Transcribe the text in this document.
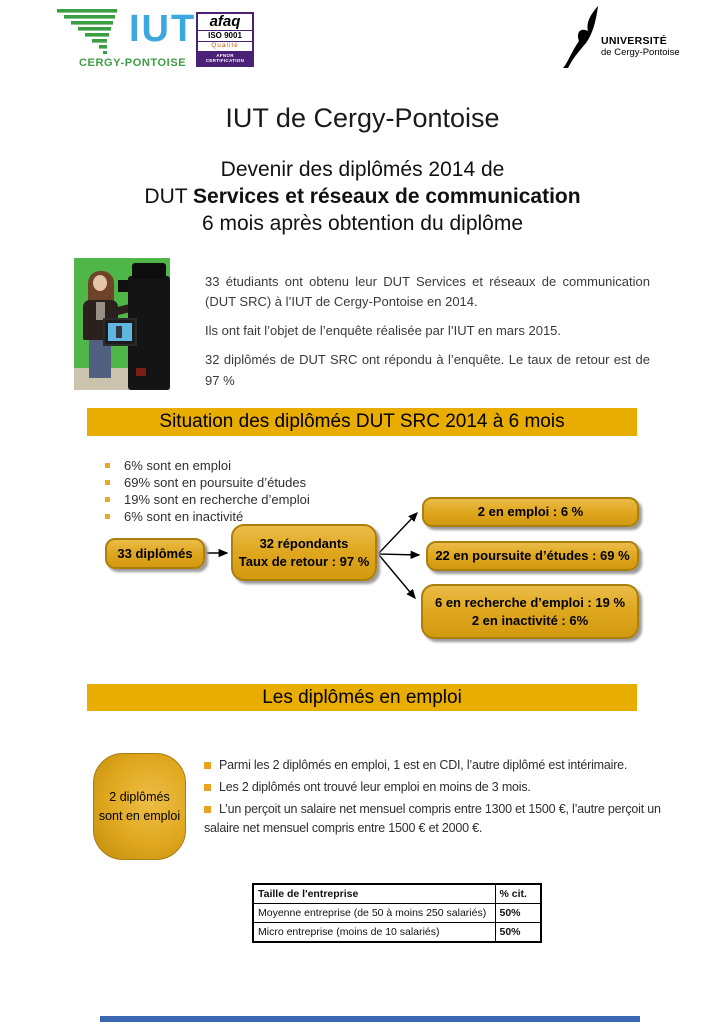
IUT
CERGY-PONTOISE
afaq
ISO 9001
Qualité
AFNOR CERTIFICATION
UNIVERSITÉ
de Cergy-Pontoise
IUT de Cergy-Pontoise
Devenir des diplômés 2014 de
DUT Services et réseaux de communication
6 mois après obtention du diplôme

33 étudiants ont obtenu leur DUT Services et réseaux de communication (DUT SRC) à l’IUT de Cergy-Pontoise en 2014.

Ils ont fait l’objet de l’enquête réalisée par l’IUT en mars 2015.

32 diplômés de DUT SRC ont répondu à l’enquête. Le taux de retour est de 97 %

Situation des diplômés DUT SRC 2014 à 6 mois
6% sont en emploi
69% sont en poursuite d’études
19% sont en recherche d’emploi
6% sont en inactivité
33 diplômés
32 répondants
Taux de retour : 97 %
2 en emploi : 6 %
22 en poursuite d’études : 69 %
6 en recherche d’emploi : 19 %
2 en inactivité : 6%
Les diplômés en emploi
2 diplômés
sont en emploi

Parmi les 2 diplômés en emploi, 1 est en CDI, l’autre diplômé est intérimaire.

Les 2 diplômés ont trouvé leur emploi en moins de 3 mois.

L’un perçoit un salaire net mensuel compris entre 1300 et 1500 €, l’autre perçoit un salaire net mensuel compris entre 1500 € et 2000 €.

Taille de l'entreprise	% cit.
Moyenne entreprise (de 50 à moins 250 salariés)	50%
Micro entreprise (moins de 10 salariés)	50%
